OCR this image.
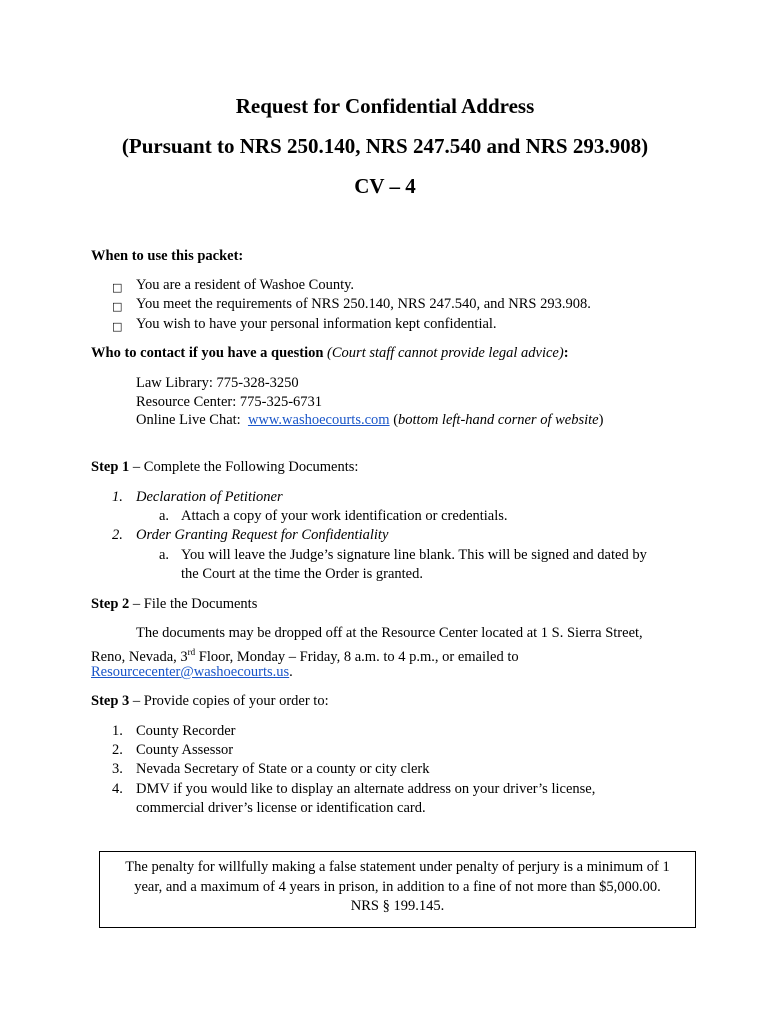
Request for Confidential Address
(Pursuant to NRS 250.140, NRS 247.540 and NRS 293.908)
CV – 4
When to use this packet:
□ You are a resident of Washoe County.
□ You meet the requirements of NRS 250.140, NRS 247.540, and NRS 293.908.
□ You wish to have your personal information kept confidential.
Who to contact if you have a question (Court staff cannot provide legal advice):
Law Library: 775-328-3250
Resource Center: 775-325-6731
Online Live Chat:  www.washoecourts.com (bottom left-hand corner of website)
Step 1 – Complete the Following Documents:
1. Declaration of Petitioner
a. Attach a copy of your work identification or credentials.
2. Order Granting Request for Confidentiality
a. You will leave the Judge’s signature line blank. This will be signed and dated by
the Court at the time the Order is granted.
Step 2 – File the Documents
The documents may be dropped off at the Resource Center located at 1 S. Sierra Street,
Reno, Nevada, 3rd Floor, Monday – Friday, 8 a.m. to 4 p.m., or emailed to
Resourcecenter@washoecourts.us.
Step 3 – Provide copies of your order to:
1. County Recorder
2. County Assessor
3. Nevada Secretary of State or a county or city clerk
4. DMV if you would like to display an alternate address on your driver’s license,
commercial driver’s license or identification card.
The penalty for willfully making a false statement under penalty of perjury is a minimum of 1
year, and a maximum of 4 years in prison, in addition to a fine of not more than $5,000.00.
NRS § 199.145.
